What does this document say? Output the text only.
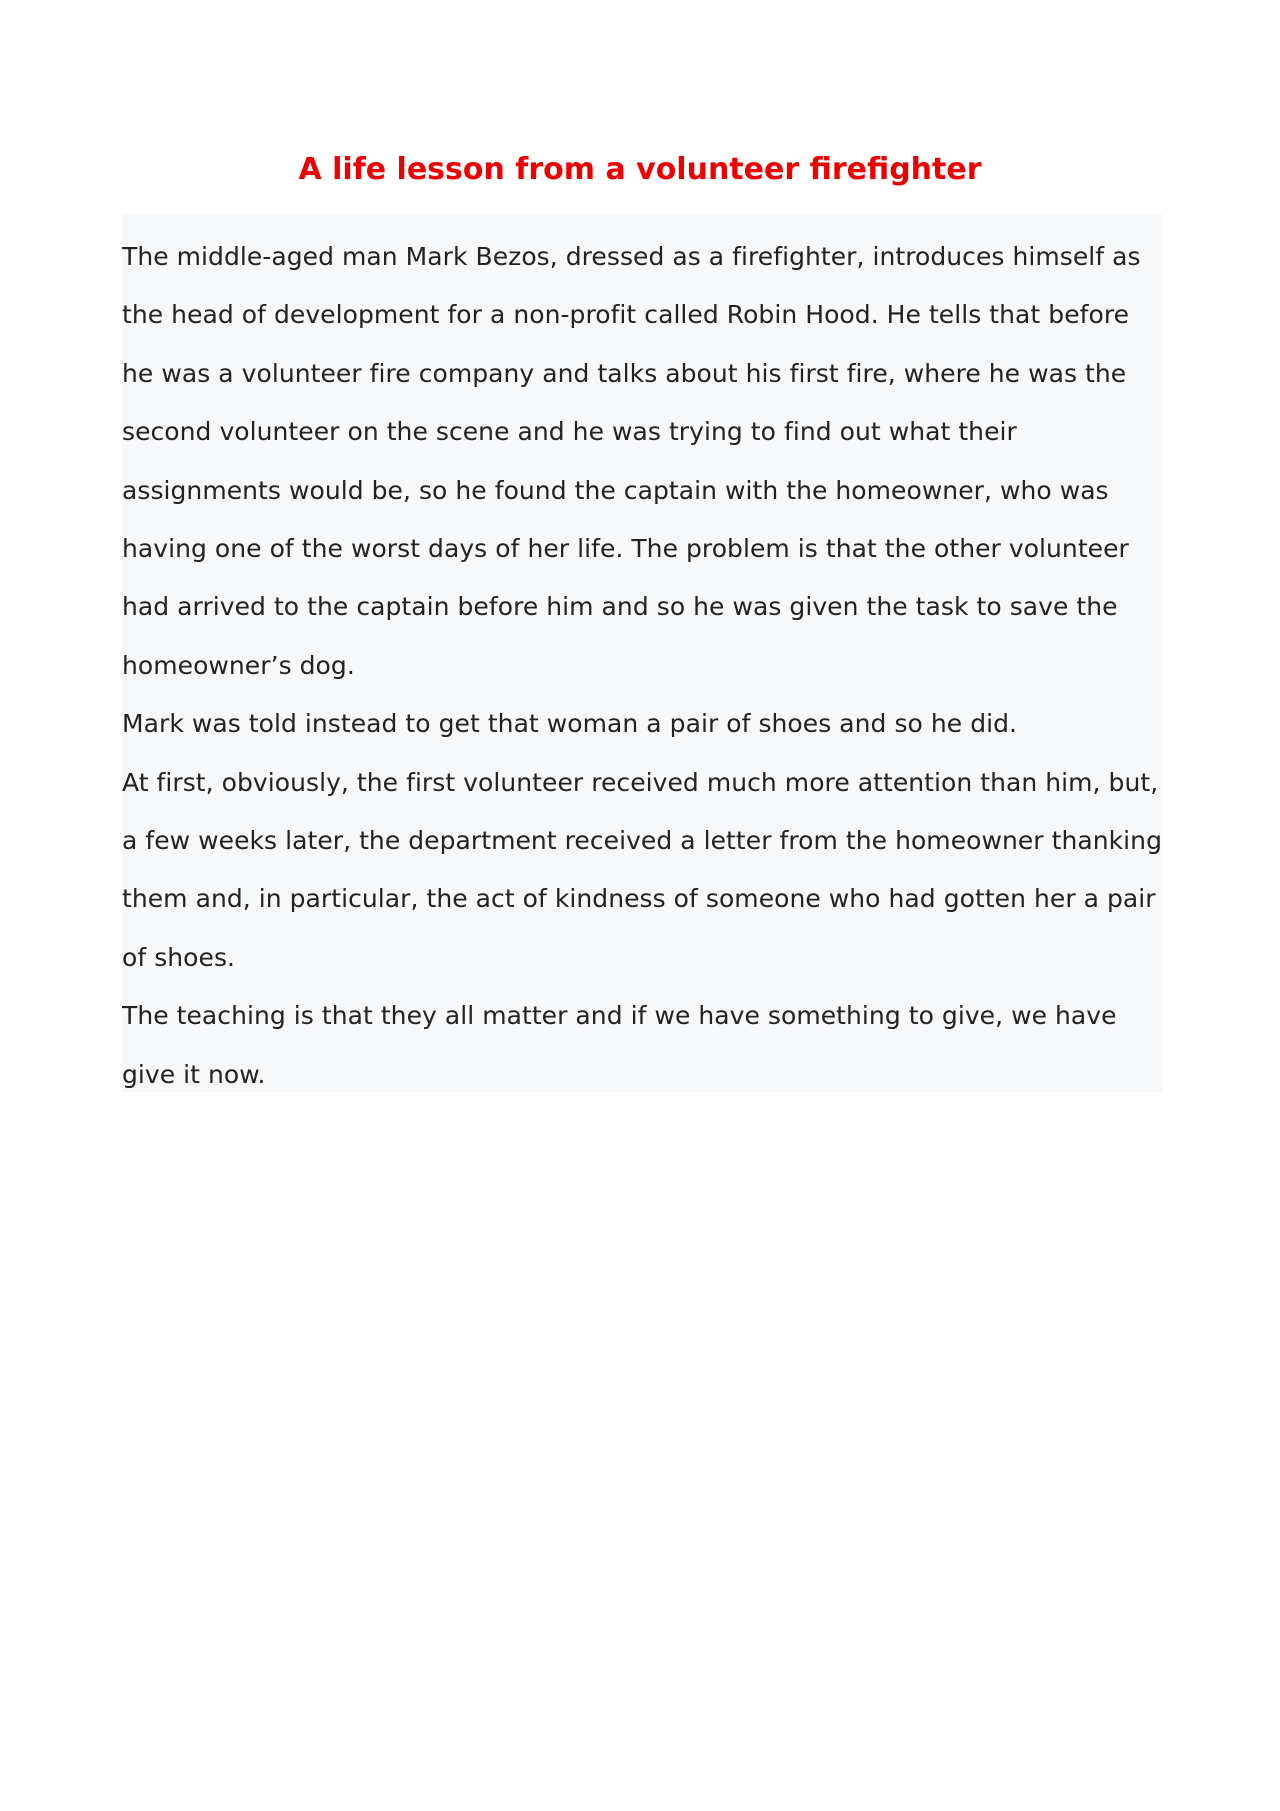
A life lesson from a volunteer firefighter

The middle-aged man Mark Bezos, dressed as a firefighter, introduces himself as the head of development for a non-profit called Robin Hood. He tells that before he was a volunteer fire company and talks about his first fire, where he was the second volunteer on the scene and he was trying to find out what their assignments would be, so he found the captain with the homeowner, who was having one of the worst days of her life. The problem is that the other volunteer had arrived to the captain before him and so he was given the task to save the homeowner’s dog.

Mark was told instead to get that woman a pair of shoes and so he did.

At first, obviously, the first volunteer received much more attention than him, but, a few weeks later, the department received a letter from the homeowner thanking them and, in particular, the act of kindness of someone who had gotten her a pair of shoes.

The teaching is that they all matter and if we have something to give, we have give it now.
